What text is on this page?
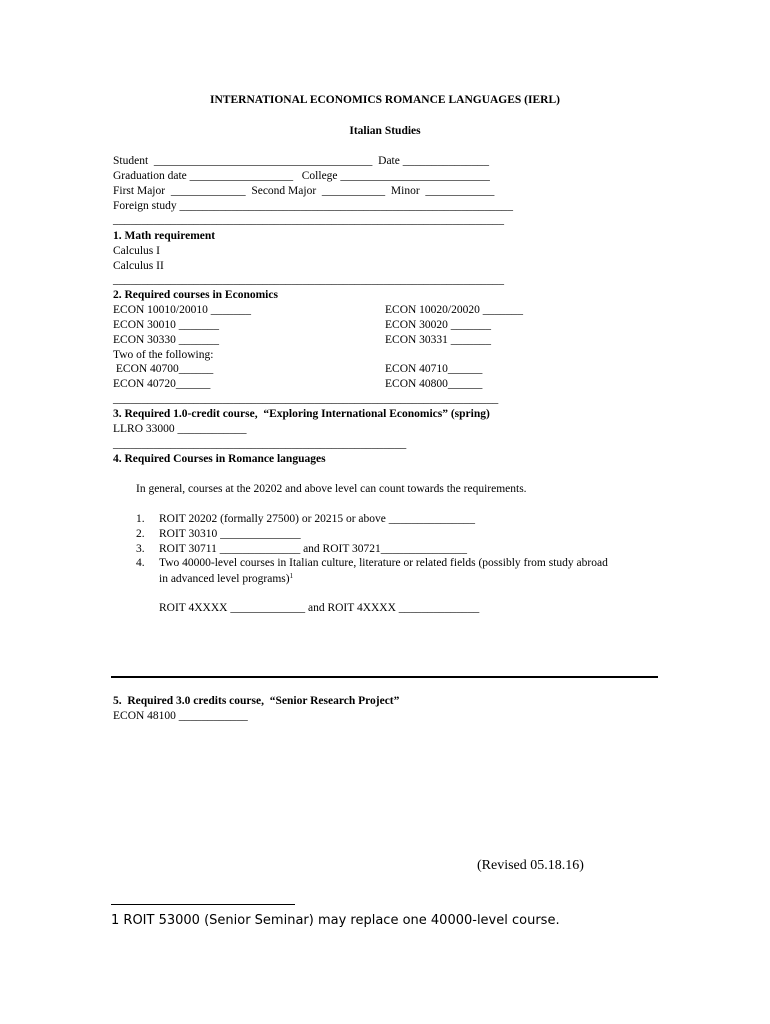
INTERNATIONAL ECONOMICS ROMANCE LANGUAGES (IERL)
Italian Studies
Student  ______________________________________  Date _______________
Graduation date __________________   College __________________________
First Major  _____________  Second Major  ___________  Minor  ____________
Foreign study __________________________________________________________
____________________________________________________________________
1. Math requirement
Calculus I
Calculus II
____________________________________________________________________
2. Required courses in Economics
ECON 10010/20010 _______
ECON 30010 _______
ECON 30330 _______
ECON 10020/20020 _______
ECON 30020 _______
ECON 30331 _______
Two of the following:
ECON 40700______
ECON 40720______
ECON 40710______
ECON 40800______
___________________________________________________________________
3. Required 1.0-credit course,  “Exploring International Economics” (spring)
LLRO 33000 ____________
___________________________________________________
4. Required Courses in Romance languages
In general, courses at the 20202 and above level can count towards the requirements.
1. ROIT 20202 (formally 27500) or 20215 or above _______________
2. ROIT 30310 ______________
3. ROIT 30711 ______________ and ROIT 30721_______________
4. Two 40000-level courses in Italian culture, literature or related fields (possibly from study abroad
in advanced level programs)$^1$
ROIT 4XXXX _____________ and ROIT 4XXXX ______________
5.  Required 3.0 credits course,  “Senior Research Project”
ECON 48100 ____________
(Revised 05.18.16)
1 ROIT 53000 (Senior Seminar) may replace one 40000-level course.
